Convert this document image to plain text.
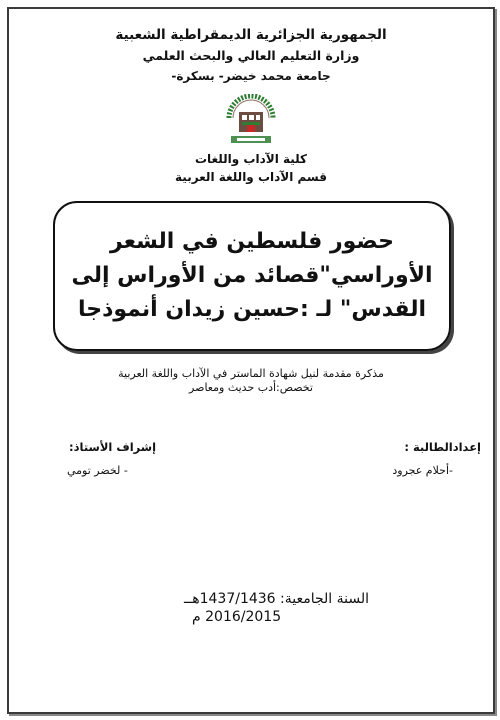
الجمهورية الجزائرية الديمقراطية الشعبية
وزارة التعليم العالي والبحث العلمي
جامعة محمد خيضر- بسكرة-
كلية الآداب واللغات
قسم الآداب واللغة العربية
حضور فلسطين في الشعر
الأوراسي"قصائد من الأوراس إلى
القدس" لـ :حسين زيدان أنموذجا
مذكرة مقدمة لنيل شهادة الماستر في الآداب واللغة العربية
تخصص:أدب حديث ومعاصر
إعدادالطالبة :
-أحلام عجرود
إشراف الأستاذ:
- لخضر تومي
السنة الجامعية: 1437/1436هــ
2016/2015 م
